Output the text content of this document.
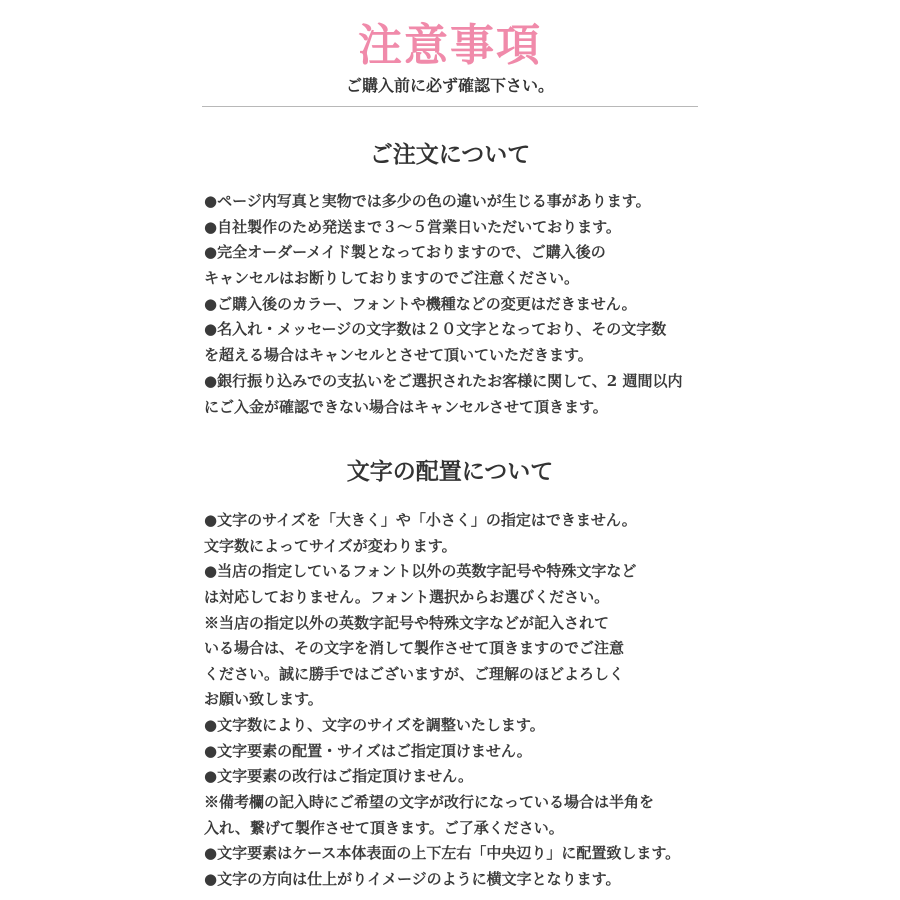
注意事項
ご購入前に必ず確認下さい。
ご注文について
●ページ内写真と実物では多少の色の違いが生じる事があります。
●自社製作のため発送まで３～５営業日いただいております。
●完全オーダーメイド製となっておりますので、ご購入後の
キャンセルはお断りしておりますのでご注意ください。
●ご購入後のカラー、フォントや機種などの変更はだきません。
●名入れ・メッセージの文字数は２０文字となっており、その文字数
を超える場合はキャンセルとさせて頂いていただきます。
●銀行振り込みでの支払いをご選択されたお客様に関して、2 週間以内
にご入金が確認できない場合はキャンセルさせて頂きます。
文字の配置について
●文字のサイズを「大きく」や「小さく」の指定はできません。
文字数によってサイズが変わります。
●当店の指定しているフォント以外の英数字記号や特殊文字など
は対応しておりません。フォント選択からお選びください。
※当店の指定以外の英数字記号や特殊文字などが記入されて
いる場合は、その文字を消して製作させて頂きますのでご注意
ください。誠に勝手ではございますが、ご理解のほどよろしく
お願い致します。
●文字数により、文字のサイズを調整いたします。
●文字要素の配置・サイズはご指定頂けません。
●文字要素の改行はご指定頂けません。
※備考欄の記入時にご希望の文字が改行になっている場合は半角を
入れ、繋げて製作させて頂きます。ご了承ください。
●文字要素はケース本体表面の上下左右「中央辺り」に配置致します。
●文字の方向は仕上がりイメージのように横文字となります。
